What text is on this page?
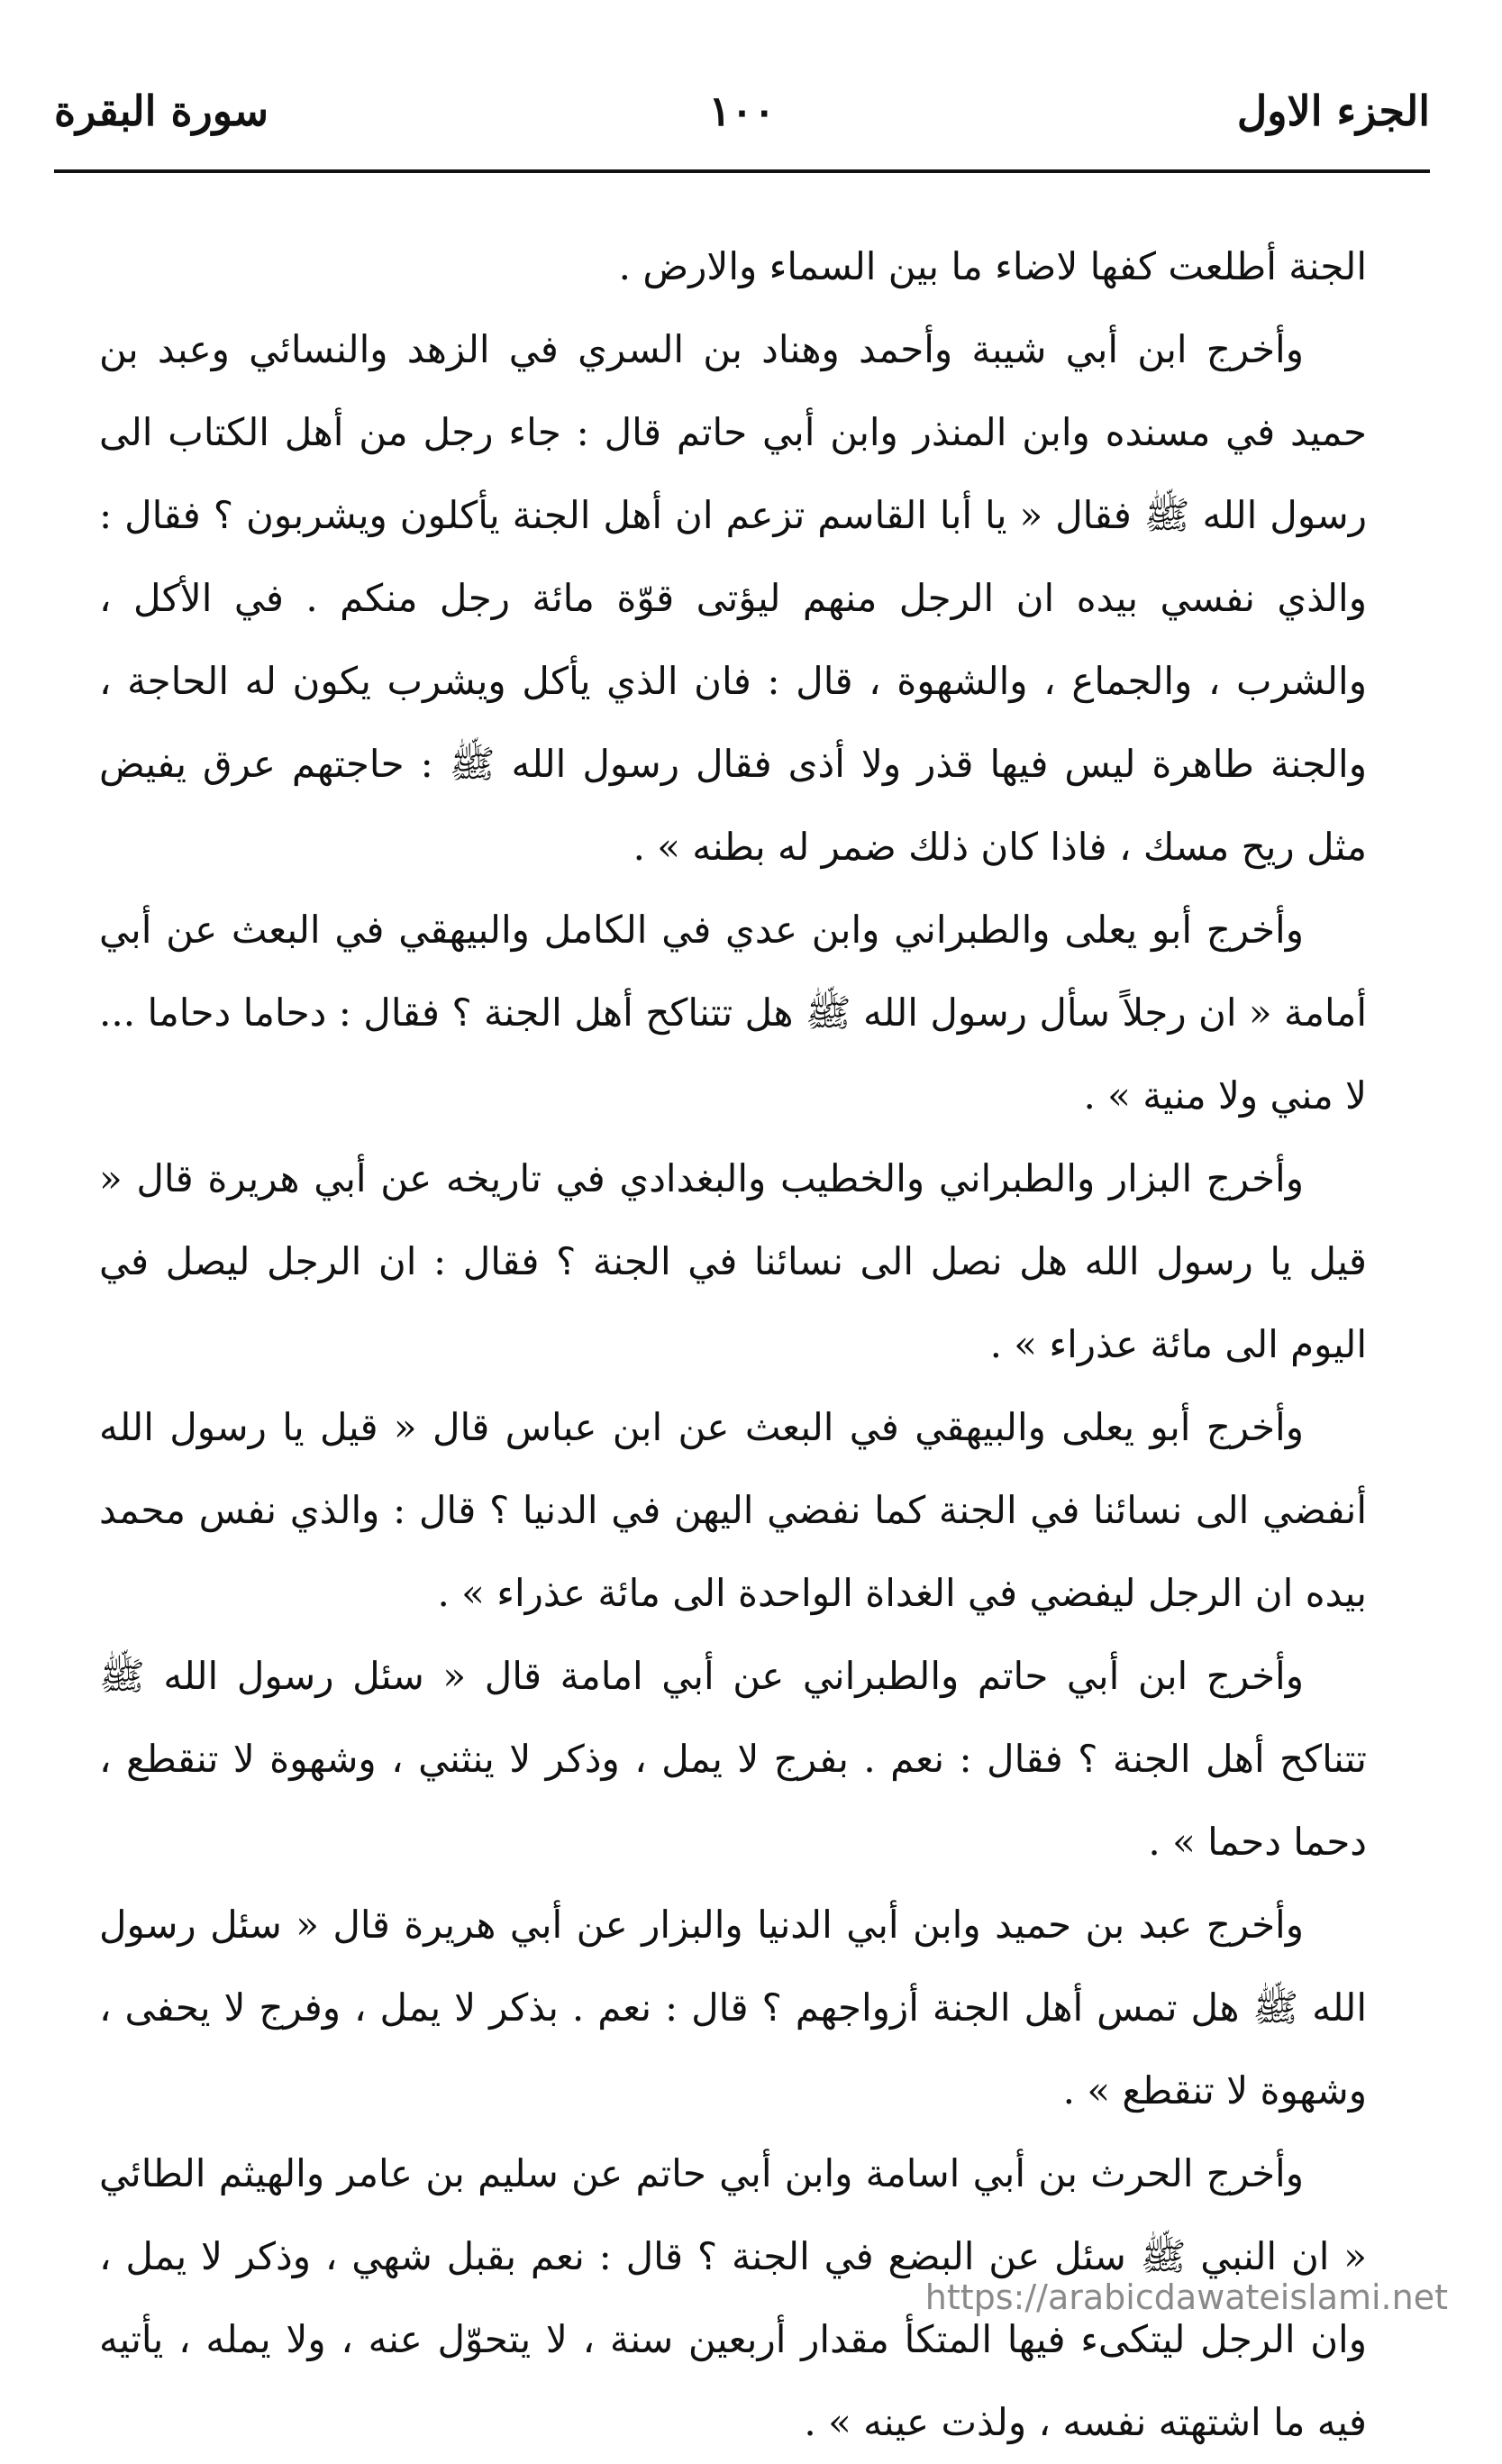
الجزء الاول
١٠٠
سورة البقرة

الجنة أطلعت كفها لاضاء ما بين السماء والارض .

وأخرج ابن أبي شيبة وأحمد وهناد بن السري في الزهد والنسائي وعبد بن حميد في مسنده وابن المنذر وابن أبي حاتم قال : جاء رجل من أهل الكتاب الى رسول الله ﷺ فقال « يا أبا القاسم تزعم ان أهل الجنة يأكلون ويشربون ؟ فقال : والذي نفسي بيده ان الرجل منهم ليؤتى قوّة مائة رجل منكم . في الأكل ، والشرب ، والجماع ، والشهوة ، قال : فان الذي يأكل ويشرب يكون له الحاجة ، والجنة طاهرة ليس فيها قذر ولا أذى فقال رسول الله ﷺ : حاجتهم عرق يفيض مثل ريح مسك ، فاذا كان ذلك ضمر له بطنه » .

وأخرج أبو يعلى والطبراني وابن عدي في الكامل والبيهقي في البعث عن أبي أمامة « ان رجلاً سأل رسول الله ﷺ هل تتناكح أهل الجنة ؟ فقال : دحاما دحاما ... لا مني ولا منية » .

وأخرج البزار والطبراني والخطيب والبغدادي في تاريخه عن أبي هريرة قال « قيل يا رسول الله هل نصل الى نسائنا في الجنة ؟ فقال : ان الرجل ليصل في اليوم الى مائة عذراء » .

وأخرج أبو يعلى والبيهقي في البعث عن ابن عباس قال « قيل يا رسول الله أنفضي الى نسائنا في الجنة كما نفضي اليهن في الدنيا ؟ قال : والذي نفس محمد بيده ان الرجل ليفضي في الغداة الواحدة الى مائة عذراء » .

وأخرج ابن أبي حاتم والطبراني عن أبي امامة قال « سئل رسول الله ﷺ تتناكح أهل الجنة ؟ فقال : نعم . بفرج لا يمل ، وذكر لا ينثني ، وشهوة لا تنقطع ، دحما دحما » .

وأخرج عبد بن حميد وابن أبي الدنيا والبزار عن أبي هريرة قال « سئل رسول الله ﷺ هل تمس أهل الجنة أزواجهم ؟ قال : نعم . بذكر لا يمل ، وفرج لا يحفى ، وشهوة لا تنقطع » .

وأخرج الحرث بن أبي اسامة وابن أبي حاتم عن سليم بن عامر والهيثم الطائي « ان النبي ﷺ سئل عن البضع في الجنة ؟ قال : نعم بقبل شهي ، وذكر لا يمل ، وان الرجل ليتكىء فيها المتكأ مقدار أربعين سنة ، لا يتحوّل عنه ، ولا يمله ، يأتيه فيه ما اشتهته نفسه ، ولذت عينه » .

https://arabicdawateislami.net
